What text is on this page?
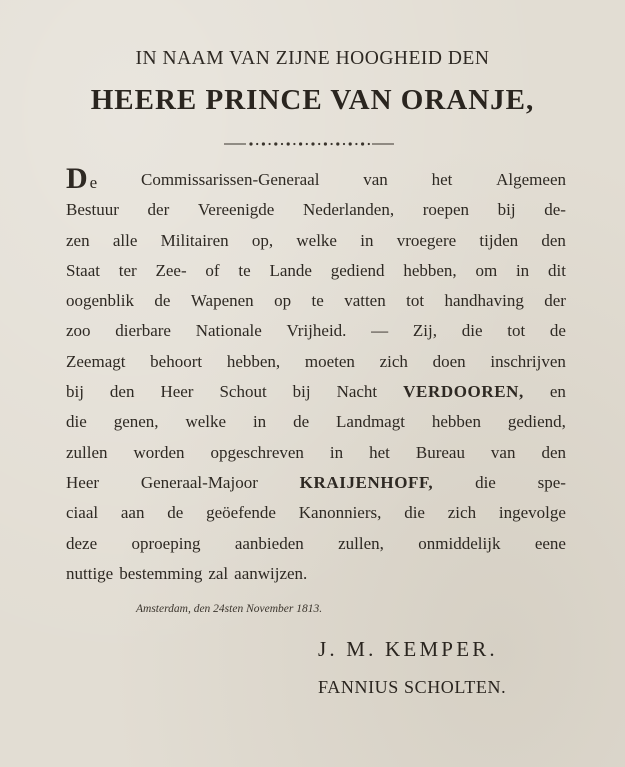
IN NAAM VAN ZIJNE HOOGHEID DEN
HEERE PRINCE VAN ORANJE,
De	Commissarissen-Generaal	van	het	Algemeen
Bestuur der Vereenigde Nederlanden, roepen bij de-
zen alle Militairen op, welke in vroegere tijden den
Staat ter Zee- of te Lande gediend hebben, om in dit
oogenblik de Wapenen op te vatten tot handhaving der
zoo dierbare Nationale Vrijheid. — Zij, die tot de
Zeemagt behoort hebben, moeten zich doen inschrijven
bij den Heer Schout bij Nacht VERDOOREN, en
die genen, welke in de Landmagt hebben gediend,
zullen worden opgeschreven in het Bureau van den
Heer Generaal-Majoor KRAIJENHOFF, die spe-
ciaal aan de geöefende Kanonniers, die zich ingevolge
deze oproeping aanbieden zullen, onmiddelijk eene
nuttige bestemming zal aanwijzen.
Amsterdam, den 24sten November 1813.
J. M. KEMPER.
FANNIUS SCHOLTEN.
